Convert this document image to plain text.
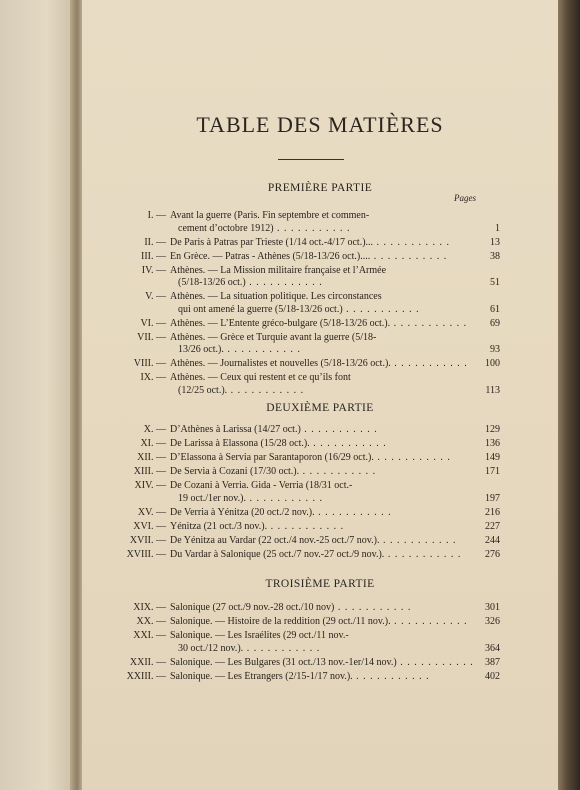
TABLE DES MATIÈRES
Pages
PREMIÈRE PARTIE
I. — Avant la guerre (Paris. Fin septembre et commen-
cement d’octobre 1912) . . .	1
II. — De Paris à Patras par Trieste (1/14 oct.-4/17 oct.)... . . .	13
III. — En Grèce. — Patras - Athènes (5/18-13/26 oct.).... . . .	38
IV. — Athènes. — La Mission militaire française et l’Armée
(5/18-13/26 oct.) . . .	51
V. — Athènes. — La situation politique. Les circonstances
qui ont amené la guerre (5/18-13/26 oct.) . . .	61
VI. — Athènes. — L’Entente gréco-bulgare (5/18-13/26 oct.). . . .	69
VII. — Athènes. — Grèce et Turquie avant la guerre (5/18-
13/26 oct.). . . .	93
VIII. — Athènes. — Journalistes et nouvelles (5/18-13/26 oct.). . . .	100
IX. — Athènes. — Ceux qui restent et ce qu’ils font
(12/25 oct.). . . .	113
DEUXIÈME PARTIE
X. — D’Athènes à Larissa (14/27 oct.) . . .	129
XI. — De Larissa à Elassona (15/28 oct.). . . .	136
XII. — D’Elassona à Servia par Sarantaporon (16/29 oct.). . . .	149
XIII. — De Servia à Cozani (17/30 oct.). . . .	171
XIV. — De Cozani à Verria. Gida - Verria (18/31 oct.-
19 oct./1er nov.). . . .	197
XV. — De Verria à Yénitza (20 oct./2 nov.). . . .	216
XVI. — Yénitza (21 oct./3 nov.). . . .	227
XVII. — De Yénitza au Vardar (22 oct./4 nov.-25 oct./7 nov.). . . .	244
XVIII. — Du Vardar à Salonique (25 oct./7 nov.-27 oct./9 nov.). . . .	276
TROISIÈME PARTIE
XIX. — Salonique (27 oct./9 nov.-28 oct./10 nov) . . .	301
XX. — Salonique. — Histoire de la reddition (29 oct./11 nov.). . . .	326
XXI. — Salonique. — Les Israélites (29 oct./11 nov.-
30 oct./12 nov.). . . .	364
XXII. — Salonique. — Les Bulgares (31 oct./13 nov.-1er/14 nov.) . . .	387
XXIII. — Salonique. — Les Étrangers (2/15-1/17 nov.). . . .	402
